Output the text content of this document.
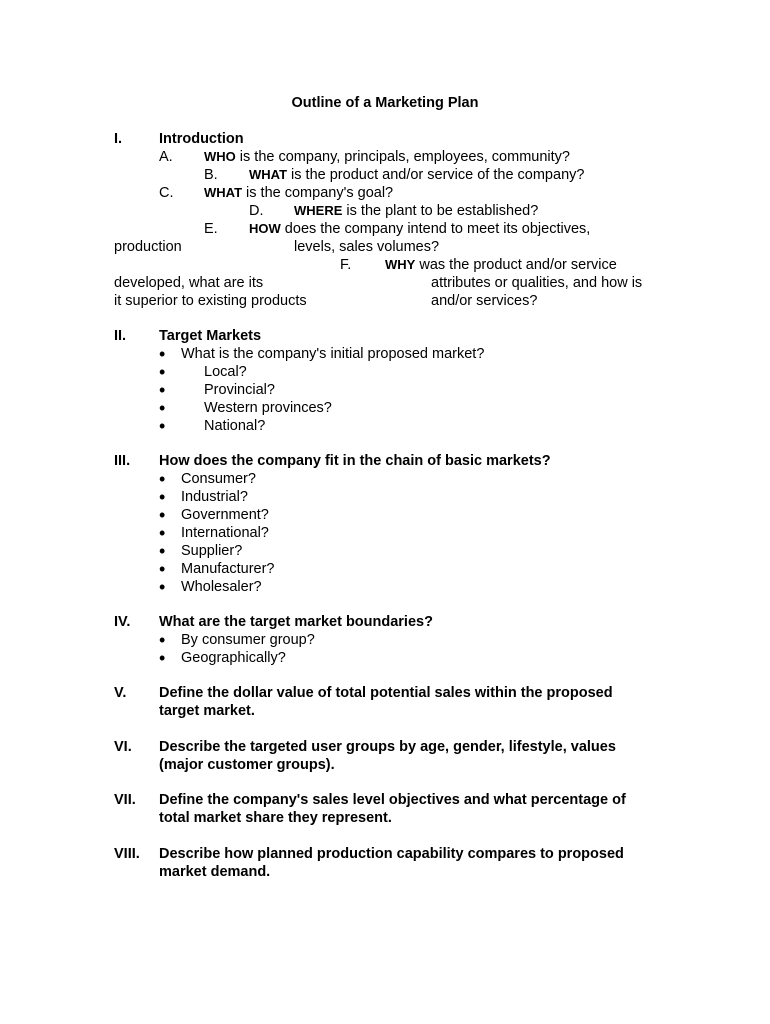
Outline of a Marketing Plan
I.	Introduction
A. WHO is the company, principals, employees, community?
B. WHAT is the product and/or service of the company?
C. WHAT is the company's goal?
D. WHERE is the plant to be established?
E. HOW does the company intend to meet its objectives,
production	levels, sales volumes?
F.	WHY was the product and/or service
developed, what are its	attributes or qualities, and how is
it superior to existing products	and/or services?
II. Target Markets
• What is the company's initial proposed market?
•	Local?
•	Provincial?
•	Western provinces?
•	National?
III. How does the company fit in the chain of basic markets?
• Consumer?
• Industrial?
• Government?
• International?
• Supplier?
• Manufacturer?
• Wholesaler?
IV. What are the target market boundaries?
• By consumer group?
• Geographically?
V. Define the dollar value of total potential sales within the proposed
target market.
VI. Describe the targeted user groups by age, gender, lifestyle, values
(major customer groups).
VII. Define the company's sales level objectives and what percentage of
total market share they represent.
VIII. Describe how planned production capability compares to proposed
market demand.
